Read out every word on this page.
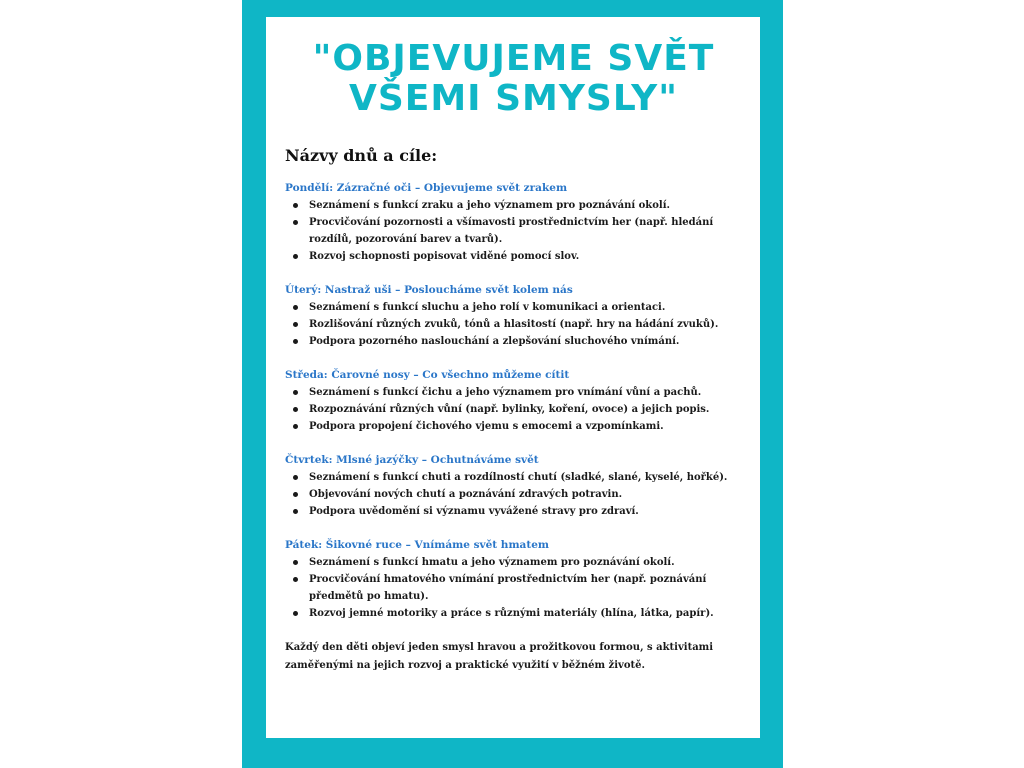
"OBJEVUJEME SVĚT
VŠEMI SMYSLY"
Názvy dnů a cíle:

Pondělí: Zázračné oči – Objevujeme svět zrakem

Seznámení s funkcí zraku a jeho významem pro poznávání okolí.
Procvičování pozornosti a všímavosti prostřednictvím her (např. hledání rozdílů, pozorování barev a tvarů).
Rozvoj schopnosti popisovat viděné pomocí slov.

Úterý: Nastraž uši – Posloucháme svět kolem nás

Seznámení s funkcí sluchu a jeho rolí v komunikaci a orientaci.
Rozlišování různých zvuků, tónů a hlasitostí (např. hry na hádání zvuků).
Podpora pozorného naslouchání a zlepšování sluchového vnímání.

Středa: Čarovné nosy – Co všechno můžeme cítit

Seznámení s funkcí čichu a jeho významem pro vnímání vůní a pachů.
Rozpoznávání různých vůní (např. bylinky, koření, ovoce) a jejich popis.
Podpora propojení čichového vjemu s emocemi a vzpomínkami.

Čtvrtek: Mlsné jazýčky – Ochutnáváme svět

Seznámení s funkcí chuti a rozdílností chutí (sladké, slané, kyselé, hořké).
Objevování nových chutí a poznávání zdravých potravin.
Podpora uvědomění si významu vyvážené stravy pro zdraví.

Pátek: Šikovné ruce – Vnímáme svět hmatem

Seznámení s funkcí hmatu a jeho významem pro poznávání okolí.
Procvičování hmatového vnímání prostřednictvím her (např. poznávání předmětů po hmatu).
Rozvoj jemné motoriky a práce s různými materiály (hlína, látka, papír).

Každý den děti objeví jeden smysl hravou a prožitkovou formou, s aktivitami zaměřenými na jejich rozvoj a praktické využití v běžném životě.
